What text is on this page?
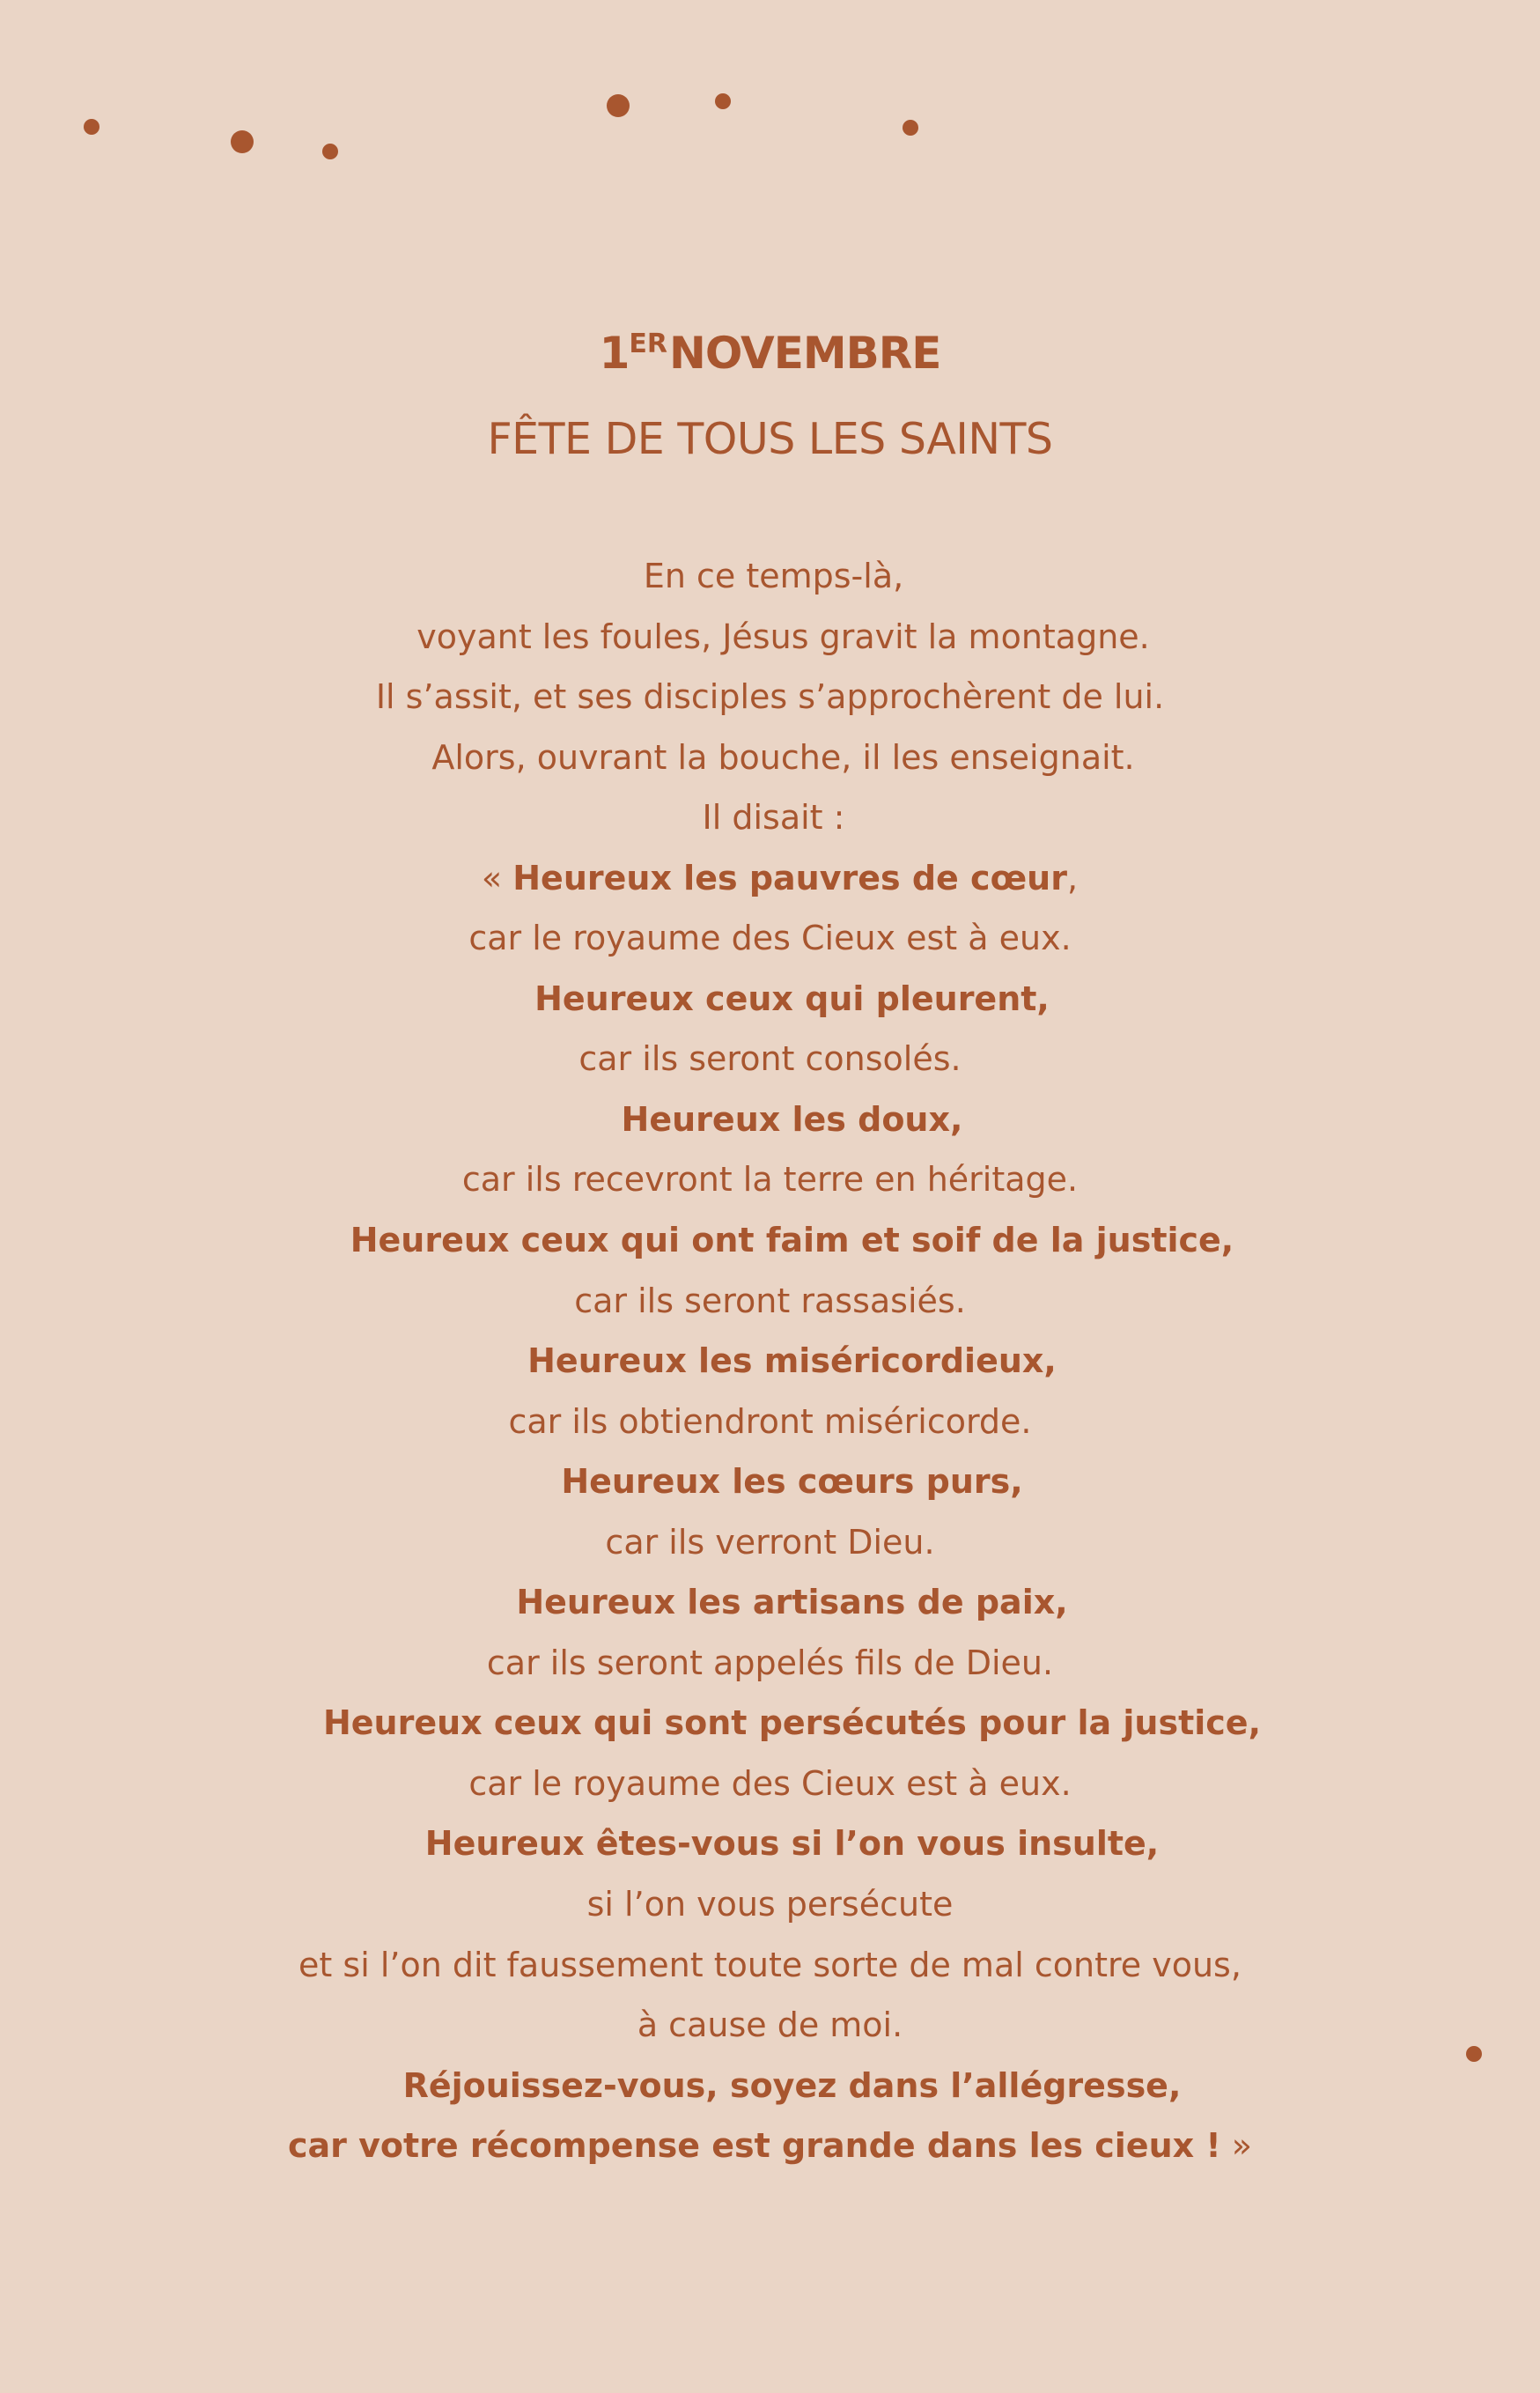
1ERNOVEMBRE
FÊTE DE TOUS LES SAINTS
En ce temps-là,
voyant les foules, Jésus gravit la montagne.
Il s’assit, et ses disciples s’approchèrent de lui.
Alors, ouvrant la bouche, il les enseignait.
Il disait :
« Heureux les pauvres de cœur,
car le royaume des Cieux est à eux.
Heureux ceux qui pleurent,
car ils seront consolés.
Heureux les doux,
car ils recevront la terre en héritage.
Heureux ceux qui ont faim et soif de la justice,
car ils seront rassasiés.
Heureux les miséricordieux,
car ils obtiendront miséricorde.
Heureux les cœurs purs,
car ils verront Dieu.
Heureux les artisans de paix,
car ils seront appelés fils de Dieu.
Heureux ceux qui sont persécutés pour la justice,
car le royaume des Cieux est à eux.
Heureux êtes-vous si l’on vous insulte,
si l’on vous persécute
et si l’on dit faussement toute sorte de mal contre vous,
à cause de moi.
Réjouissez-vous, soyez dans l’allégresse,
car votre récompense est grande dans les cieux ! »
